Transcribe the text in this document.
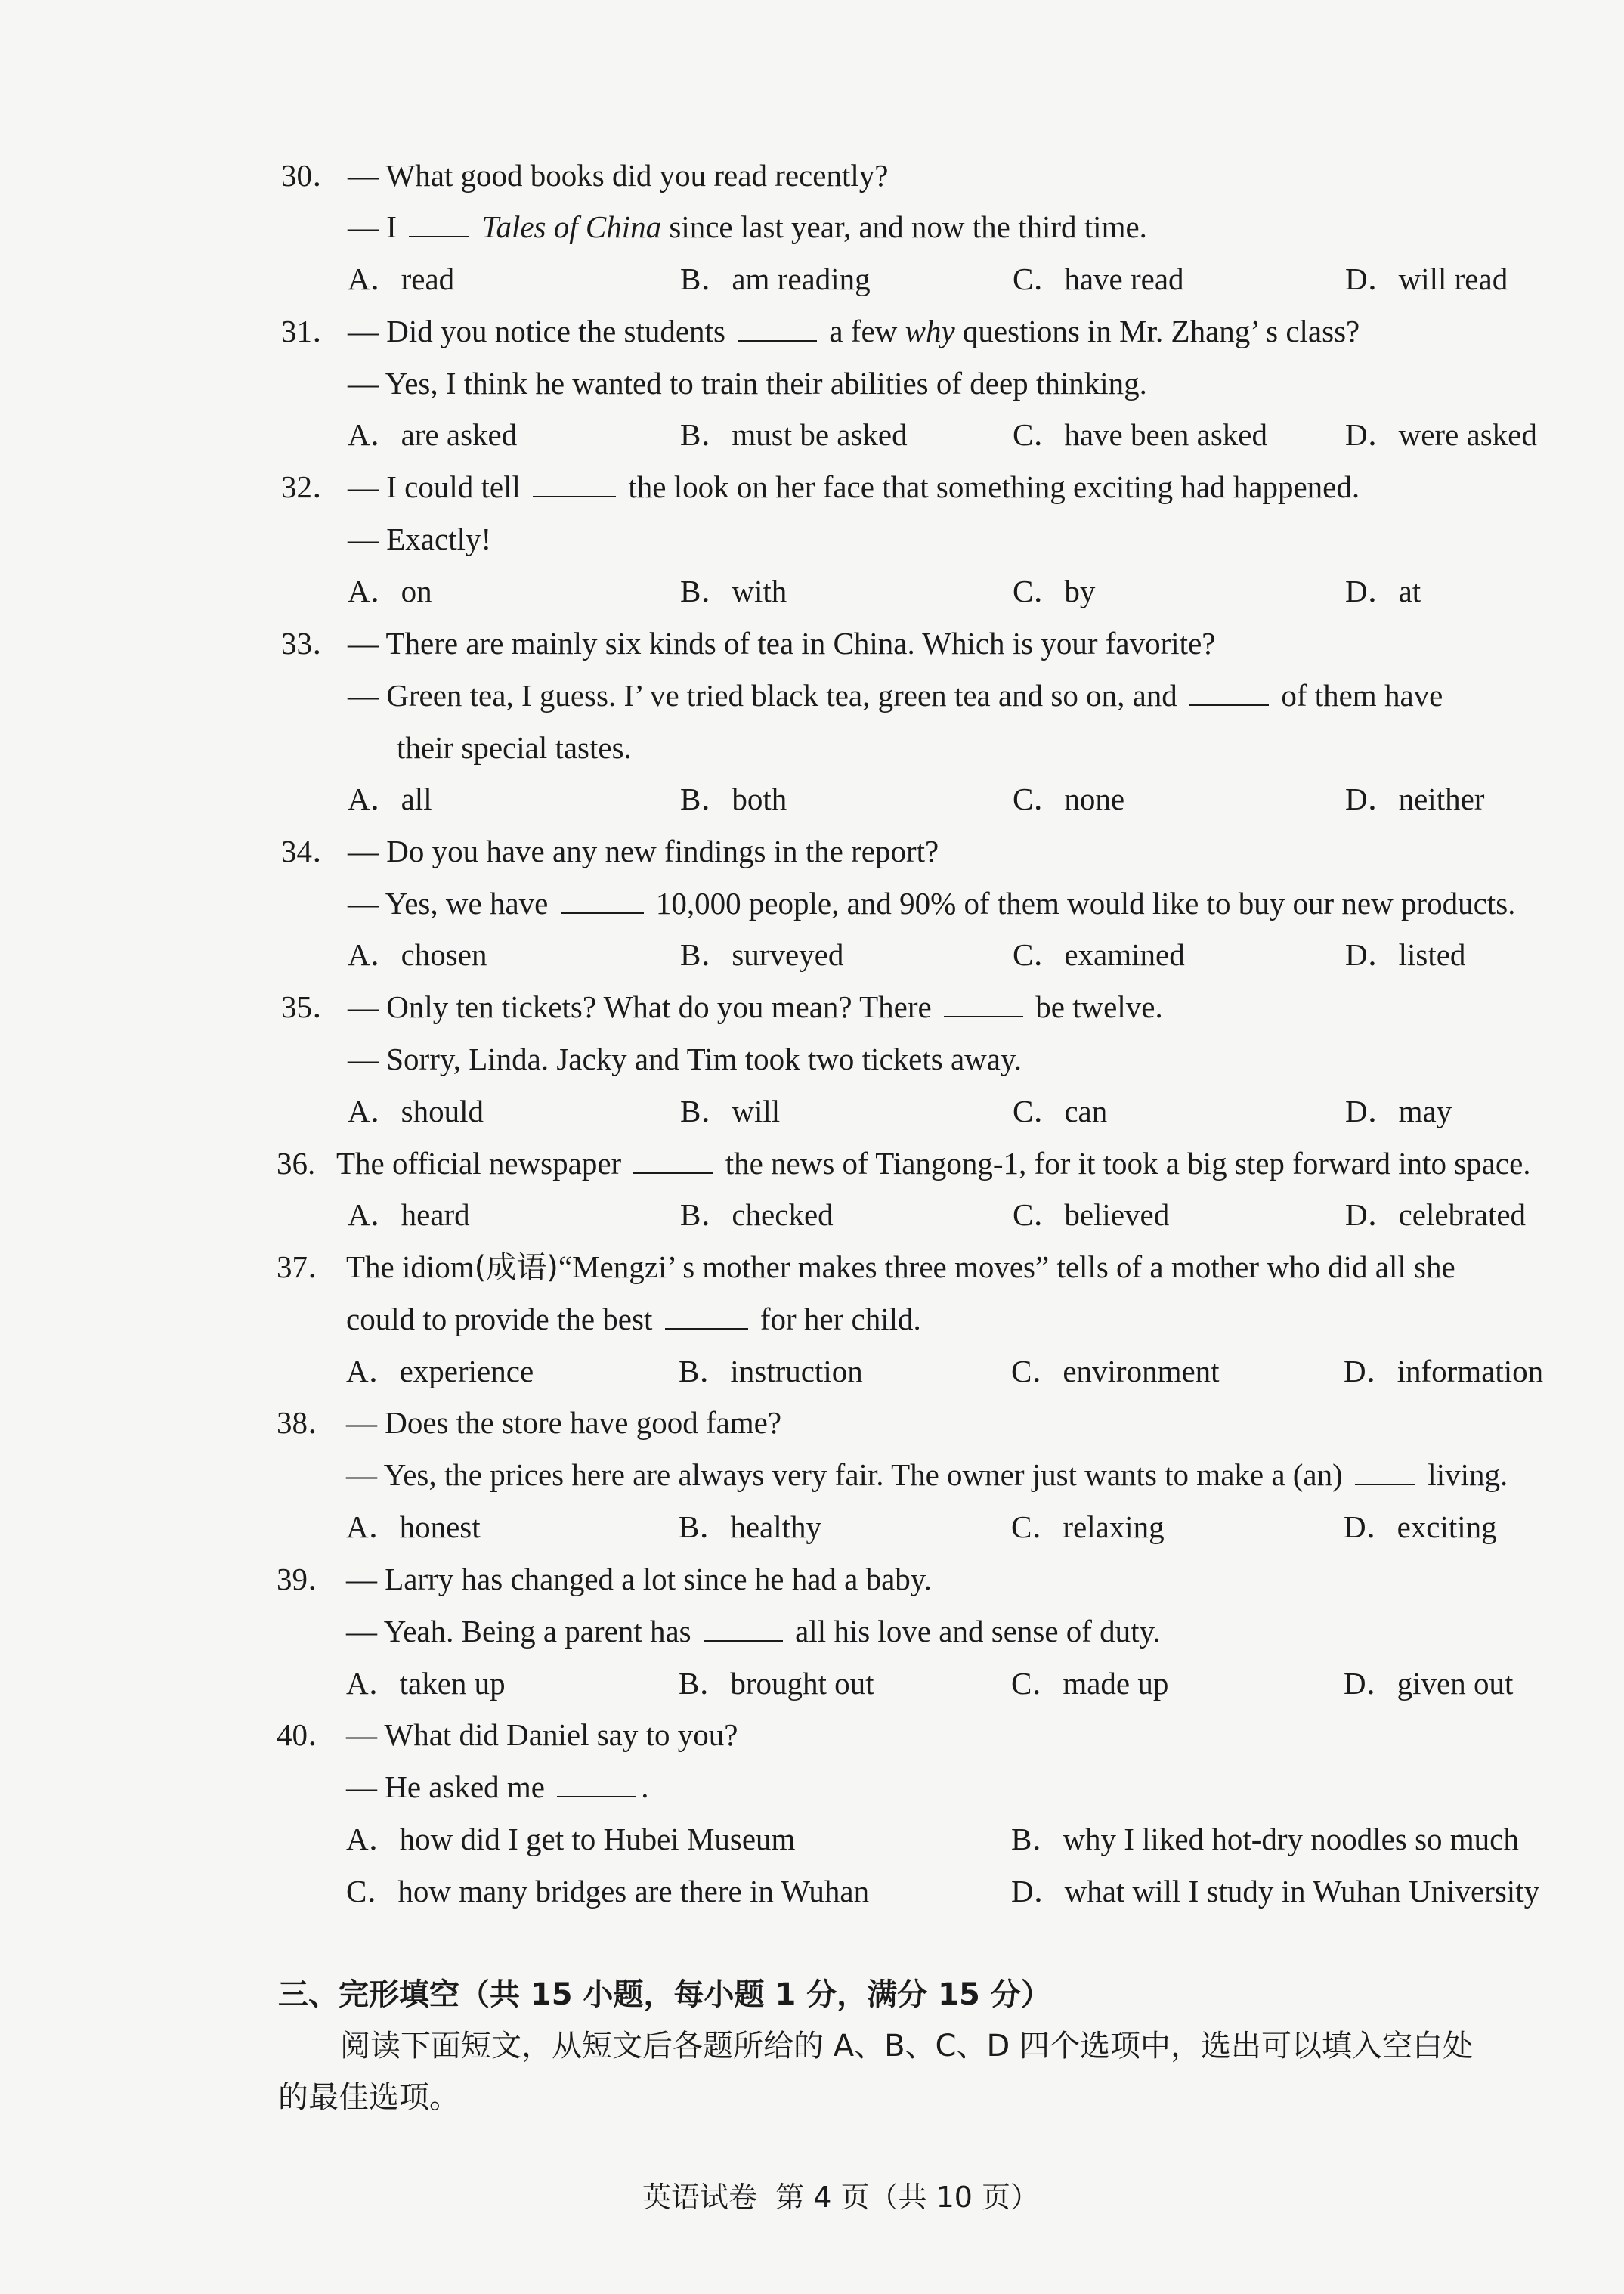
30． — What good books did you read recently?
— I  Tales of China since last year, and now the third time.
A．read	B．am reading	C．have read	D．will read
31． — Did you notice the students	a few why questions in Mr. Zhang’ s class?
— Yes, I think he wanted to train their abilities of deep thinking.
A．are asked	B．must be asked	C．have been asked	D．were asked
32． — I could tell	the look on her face that something exciting had happened.
— Exactly!
A．on	B．with	C．by	D．at
33． — There are mainly six kinds of tea in China. Which is your favorite?
— Green tea, I guess. I’ ve tried black tea, green tea and so on, and	of them have
their special tastes.
A．all	B．both	C．none	D．neither
34． — Do you have any new findings in the report?
— Yes, we have	10,000 people, and 90% of them would like to buy our new products.
A．chosen	B．surveyed	C．examined	D．listed
35． — Only ten tickets? What do you mean? There	be twelve.
— Sorry, Linda. Jacky and Tim took two tickets away.
A．should	B．will	C．can	D．may
36. The official newspaper	the news of Tiangong-1, for it took a big step forward into space.
A．heard	B．checked	C．believed	D．celebrated
37． The idiom(成语)“Mengzi’ s mother makes three moves” tells of a mother who did all she
could to provide the best	for her child.
A．experience	B．instruction	C．environment	D．information
38． — Does the store have good fame?
— Yes, the prices here are always very fair. The owner just wants to make a (an)  living.
A．honest	B．healthy	C．relaxing	D．exciting
39． — Larry has changed a lot since he had a baby.
— Yeah. Being a parent has	all his love and sense of duty.
A．taken up	B．brought out	C．made up	D．given out
40． — What did Daniel say to you?
— He asked me	.
A．how did I get to Hubei Museum	B．why I liked hot-dry noodles so much
C．how many bridges are there in Wuhan	D．what will I study in Wuhan University
三、完形填空（共 15 小题，每小题 1 分，满分 15 分）
阅读下面短文，从短文后各题所给的 A、B、C、D 四个选项中，选出可以填入空白处
的最佳选项。
英语试卷  第 4 页（共 10 页）
